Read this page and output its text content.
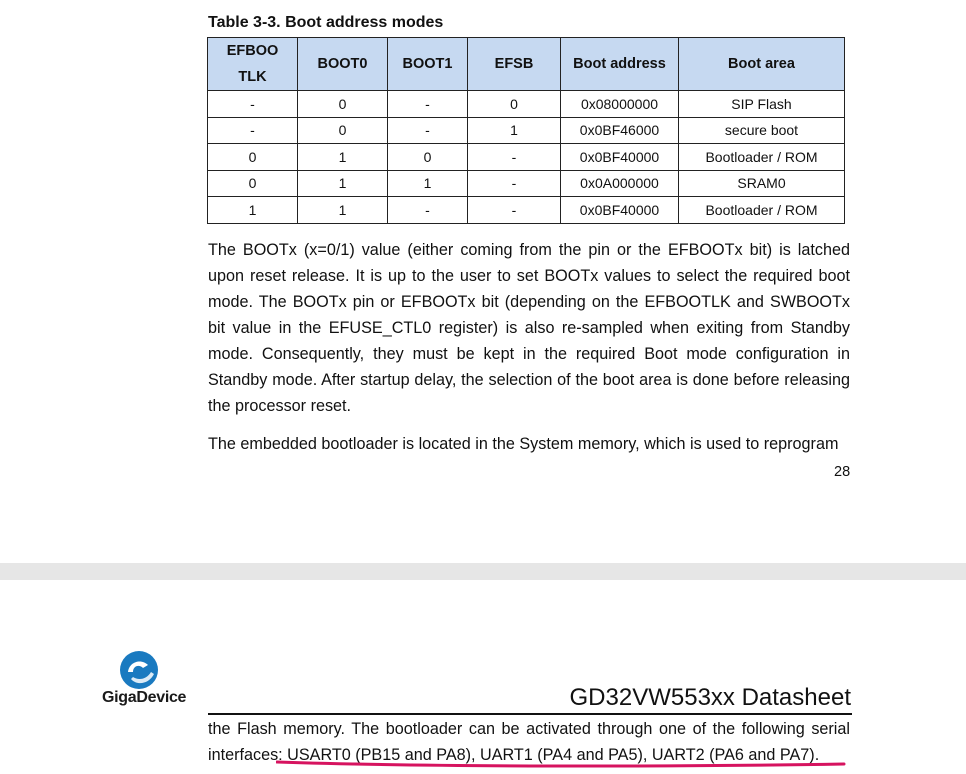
Table 3-3. Boot address modes
EFBOO
TLK	BOOT0	BOOT1	EFSB	Boot address	Boot area
-	0	-	0	0x08000000	SIP Flash
-	0	-	1	0x0BF46000	secure boot
0	1	0	-	0x0BF40000	Bootloader / ROM
0	1	1	-	0x0A000000	SRAM0
1	1	-	-	0x0BF40000	Bootloader / ROM

The BOOTx (x=0/1) value (either coming from the pin or the EFBOOTx bit) is latched upon reset release. It is up to the user to set BOOTx values to select the required boot mode. The BOOTx pin or EFBOOTx bit (depending on the EFBOOTLK and SWBOOTx bit value in the EFUSE_CTL0 register) is also re-sampled when exiting from Standby mode. Consequently, they must be kept in the required Boot mode configuration in Standby mode. After startup delay, the selection of the boot area is done before releasing the processor reset.

The embedded bootloader is located in the System memory, which is used to reprogram

28
GigaDevice	GD32VW553xx Datasheet

the Flash memory. The bootloader can be activated through one of the following serial interfaces: USART0 (PB15 and PA8), UART1 (PA4 and PA5), UART2 (PA6 and PA7).
